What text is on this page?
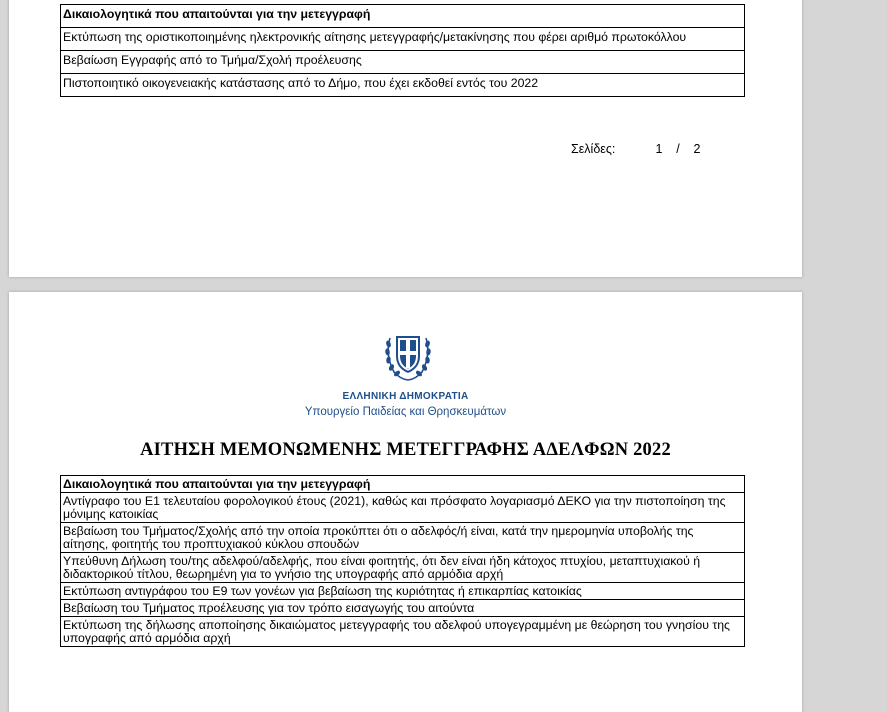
Δικαιολογητικά που απαιτούνται για την μετεγγραφή
Εκτύπωση της οριστικοποιημένης ηλεκτρονικής αίτησης μετεγγραφής/μετακίνησης που φέρει αριθμό πρωτοκόλλου
Βεβαίωση Εγγραφής από το Τμήμα/Σχολή προέλευσης
Πιστοποιητικό οικογενειακής κατάστασης από το Δήμο, που έχει εκδοθεί εντός του 2022
Σελίδες:	1 / 2
ΕΛΛΗΝΙΚΗ ΔΗΜΟΚΡΑΤΙΑ
Υπουργείο Παιδείας και Θρησκευμάτων
ΑΙΤΗΣΗ ΜΕΜΟΝΩΜΕΝΗΣ ΜΕΤΕΓΓΡΑΦΗΣ ΑΔΕΛΦΩΝ 2022
Δικαιολογητικά που απαιτούνται για την μετεγγραφή
Αντίγραφο του Ε1 τελευταίου φορολογικού έτους (2021), καθώς και πρόσφατο λογαριασμό ΔΕΚΟ για την πιστοποίηση της μόνιμης κατοικίας
Βεβαίωση του Τμήματος/Σχολής από την οποία προκύπτει ότι ο αδελφός/ή είναι, κατά την ημερομηνία υποβολής της αίτησης, φοιτητής του προπτυχιακού κύκλου σπουδών
Υπεύθυνη Δήλωση του/της αδελφού/αδελφής, που είναι φοιτητής, ότι δεν είναι ήδη κάτοχος πτυχίου, μεταπτυχιακού ή διδακτορικού τίτλου, θεωρημένη για το γνήσιο της υπογραφής από αρμόδια αρχή
Εκτύπωση αντιγράφου του Ε9 των γονέων για βεβαίωση της κυριότητας ή επικαρπίας κατοικίας
Βεβαίωση του Τμήματος προέλευσης για τον τρόπο εισαγωγής του αιτούντα
Εκτύπωση της δήλωσης αποποίησης δικαιώματος μετεγγραφής του αδελφού υπογεγραμμένη με θεώρηση του γνησίου της υπογραφής από αρμόδια αρχή
